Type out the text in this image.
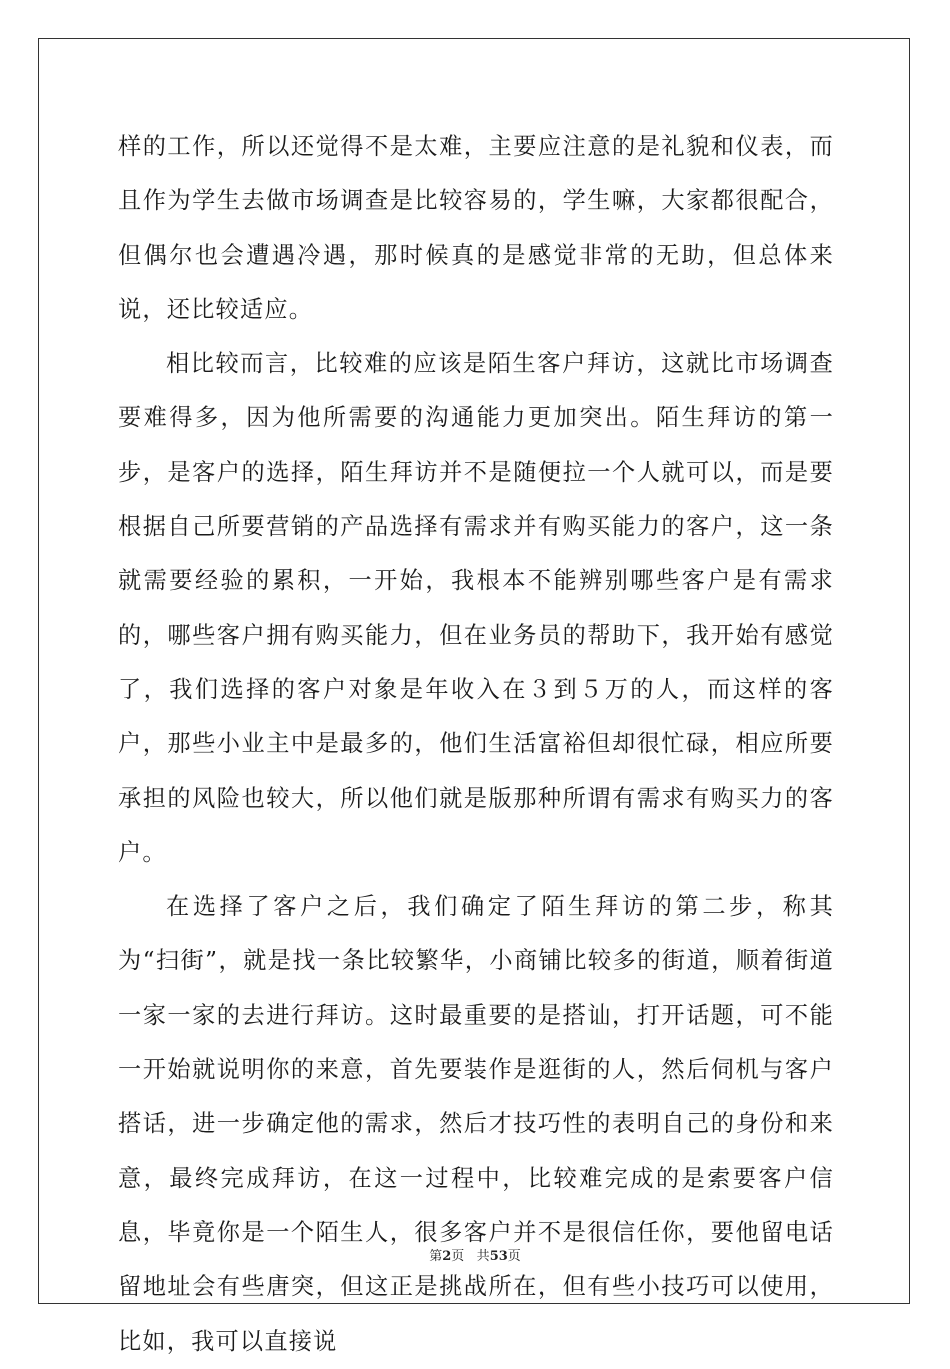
样的工作，所以还觉得不是太难，主要应注意的是礼貌和仪表，而且作为学生去做市场调查是比较容易的，学生嘛，大家都很配合，但偶尔也会遭遇冷遇，那时候真的是感觉非常的无助，但总体来说，还比较适应。

相比较而言，比较难的应该是陌生客户拜访，这就比市场调查要难得多，因为他所需要的沟通能力更加突出。陌生拜访的第一步，是客户的选择，陌生拜访并不是随便拉一个人就可以，而是要根据自己所要营销的产品选择有需求并有购买能力的客户，这一条就需要经验的累积，一开始，我根本不能辨别哪些客户是有需求的，哪些客户拥有购买能力，但在业务员的帮助下，我开始有感觉了，我们选择的客户对象是年收入在３到５万的人，而这样的客户，那些小业主中是最多的，他们生活富裕但却很忙碌，相应所要承担的风险也较大，所以他们就是版那种所谓有需求有购买力的客户。

在选择了客户之后，我们确定了陌生拜访的第二步，称其为“扫街”，就是找一条比较繁华，小商铺比较多的街道，顺着街道一家一家的去进行拜访。这时最重要的是搭讪，打开话题，可不能一开始就说明你的来意，首先要装作是逛街的人，然后伺机与客户搭话，进一步确定他的需求，然后才技巧性的表明自己的身份和来意，最终完成拜访，在这一过程中，比较难完成的是索要客户信息，毕竟你是一个陌生人，很多客户并不是很信任你，要他留电话留地址会有些唐突，但这正是挑战所在，但有些小技巧可以使用，比如，我可以直接说

第2页 共53页
